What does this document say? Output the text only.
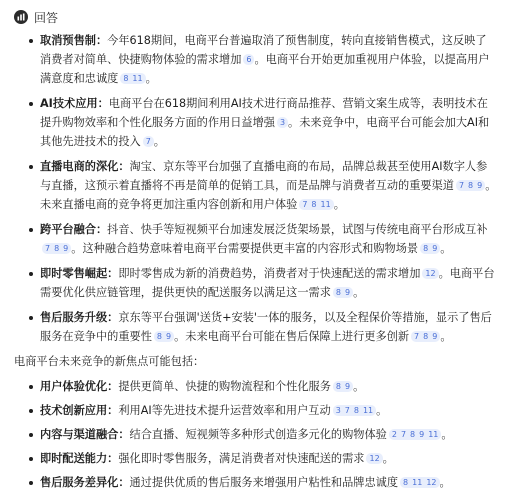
回答
取消预售制：今年618期间，电商平台普遍取消了预售制度，转向直接销售模式，这反映了消费者对简单、快捷购物体验的需求增加 6 。电商平台开始更加重视用户体验，以提高用户满意度和忠诚度 8 11 。
AI技术应用：电商平台在618期间利用AI技术进行商品推荐、营销文案生成等，表明技术在提升购物效率和个性化服务方面的作用日益增强 3 。未来竞争中，电商平台可能会加大AI和其他先进技术的投入 7 。
直播电商的深化：淘宝、京东等平台加强了直播电商的布局，品牌总裁甚至使用AI数字人参与直播，这预示着直播将不再是简单的促销工具，而是品牌与消费者互动的重要渠道 7 8 9 。未来直播电商的竞争将更加注重内容创新和用户体验 7 8 11 。
跨平台融合：抖音、快手等短视频平台加速发展泛货架场景，试图与传统电商平台形成互补7 8 9 。这种融合趋势意味着电商平台需要提供更丰富的内容形式和购物场景 8 9 。
即时零售崛起：即时零售成为新的消费趋势，消费者对于快速配送的需求增加 12 。电商平台需要优化供应链管理，提供更快的配送服务以满足这一需求 8 9 。
售后服务升级：京东等平台强调'送货+安装'一体的服务，以及全程保价等措施，显示了售后服务在竞争中的重要性 8 9 。未来电商平台可能在售后保障上进行更多创新 7 8 9 。
电商平台未来竞争的新焦点可能包括：
用户体验优化：提供更简单、快捷的购物流程和个性化服务 8 9 。
技术创新应用：利用AI等先进技术提升运营效率和用户互动 3 7 8 11 。
内容与渠道融合：结合直播、短视频等多种形式创造多元化的购物体验 2 7 8 9 11 。
即时配送能力：强化即时零售服务，满足消费者对快速配送的需求 12 。
售后服务差异化：通过提供优质的售后服务来增强用户粘性和品牌忠诚度 8 11 12 。
